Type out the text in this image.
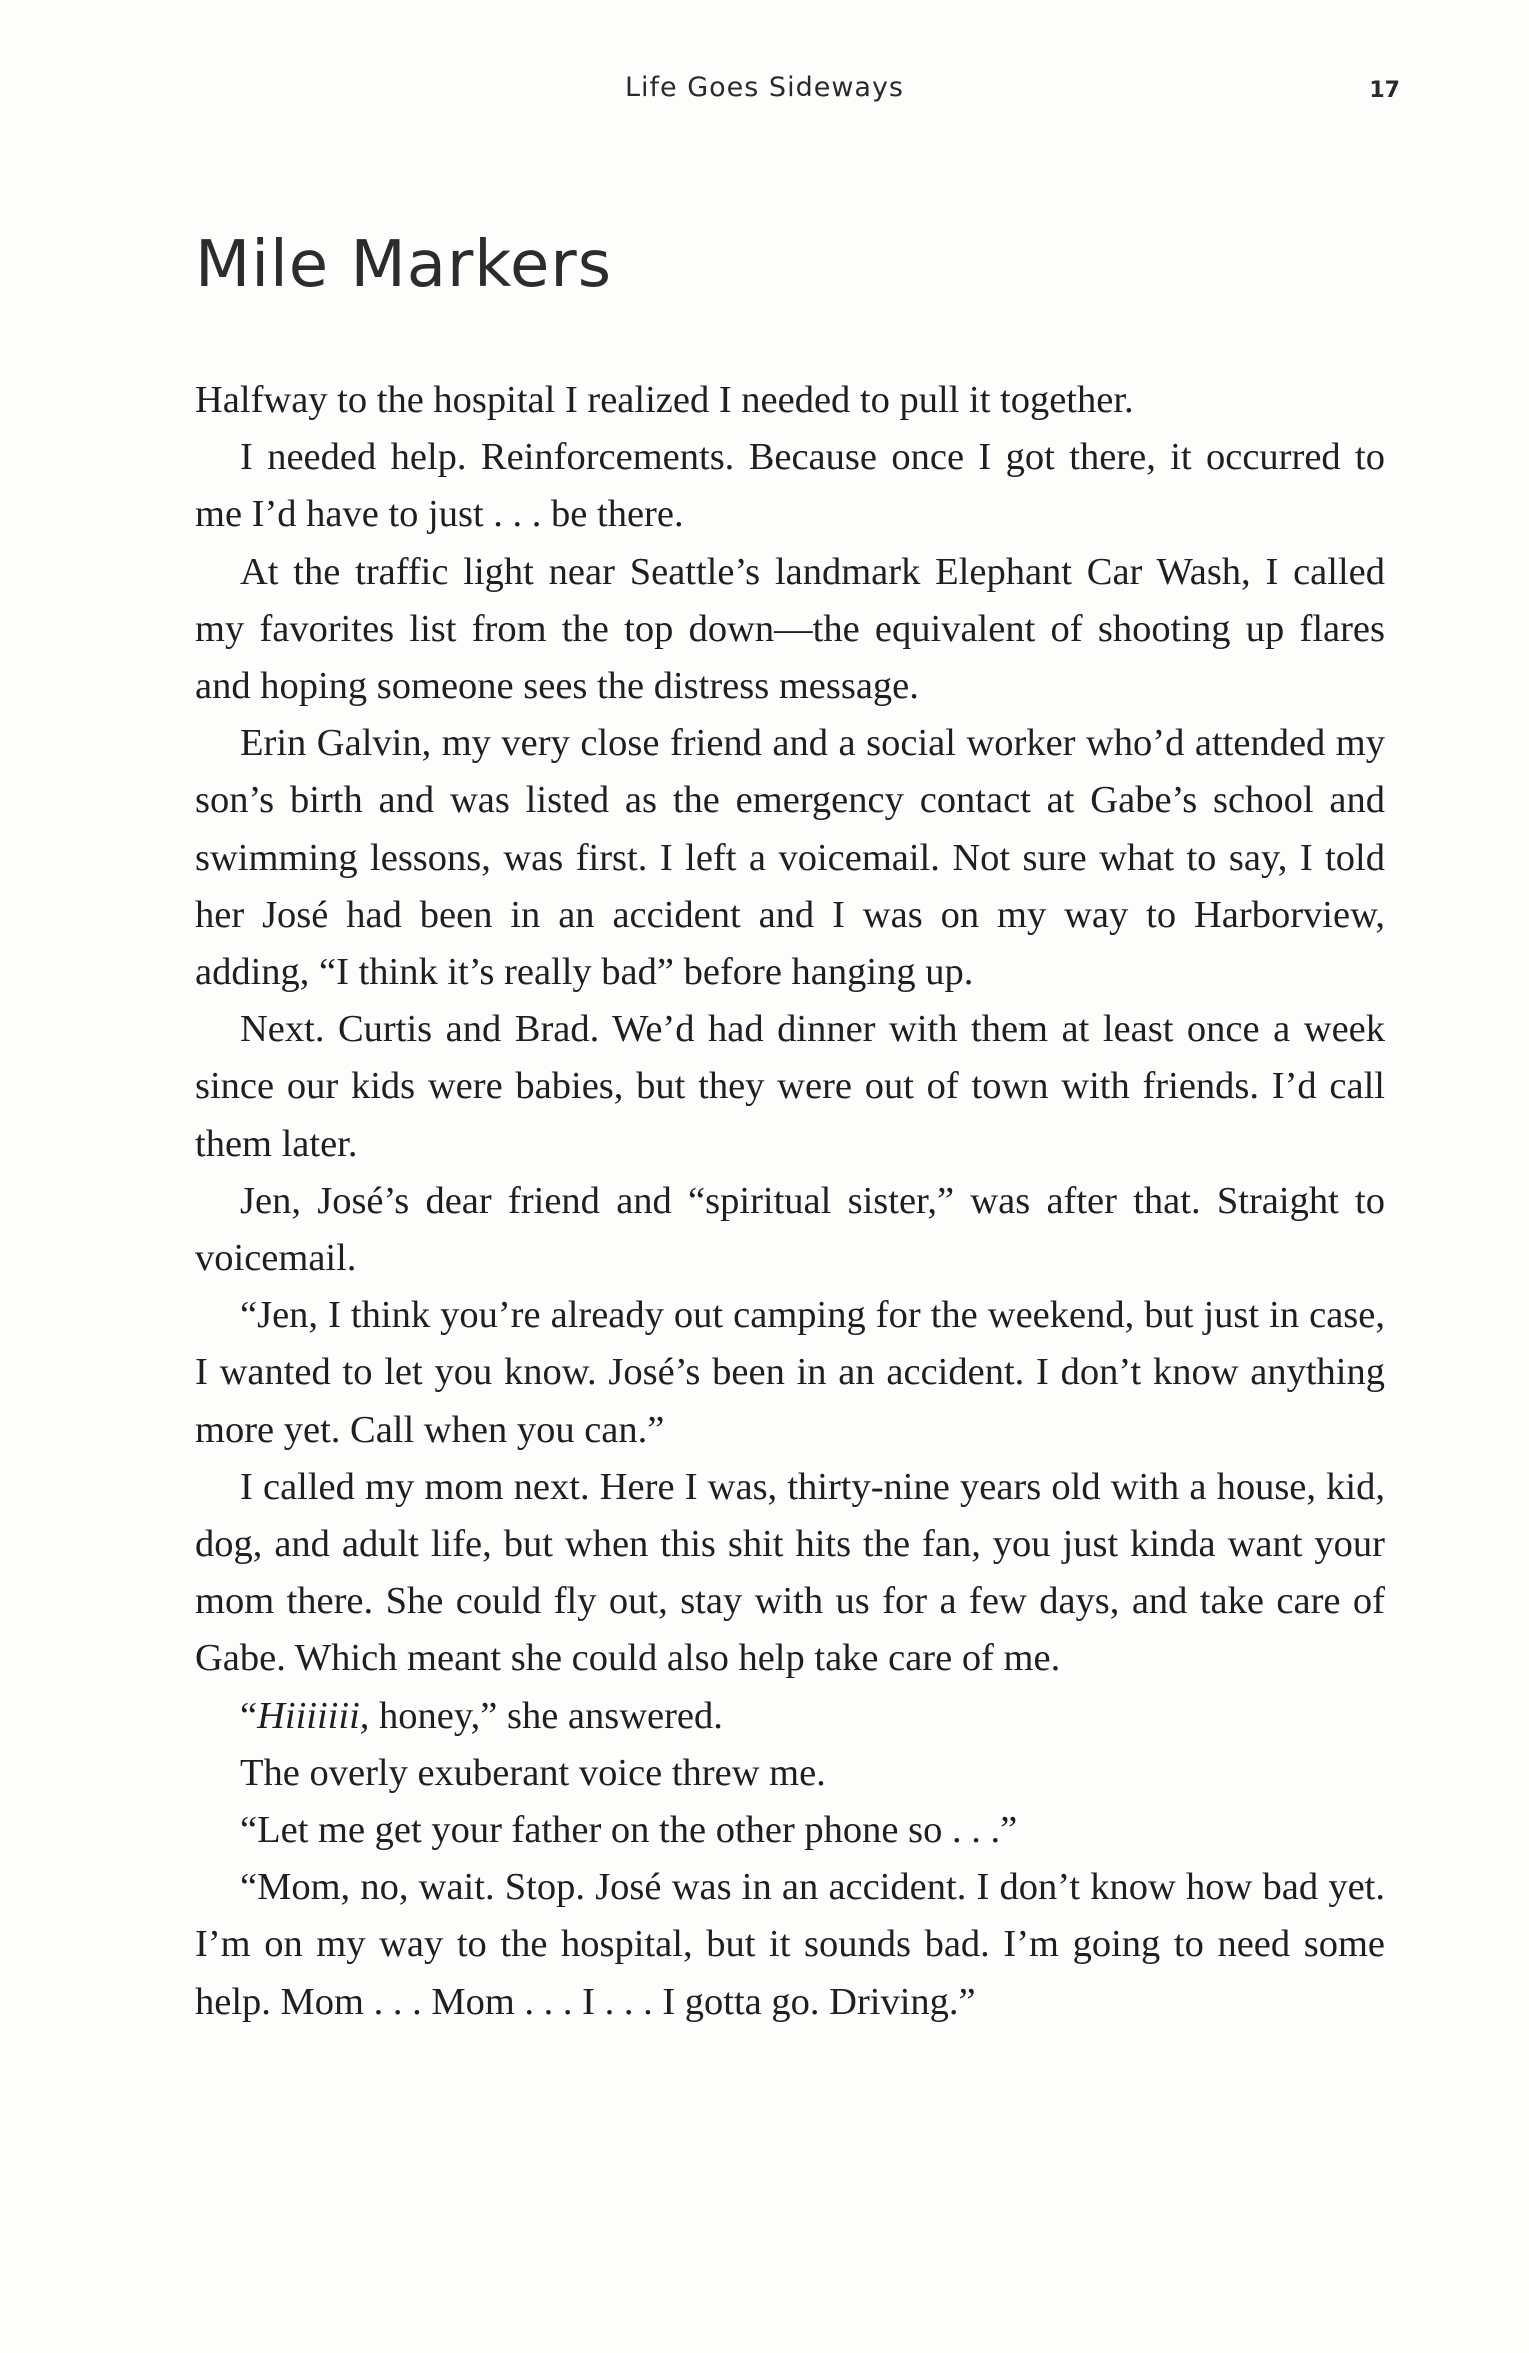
Life Goes Sideways	17
Mile Markers

Halfway to the hospital I realized I needed to pull it together.

I needed help. Reinforcements. Because once I got there, it occurred to me I’d have to just . . . be there.

At the traffic light near Seattle’s landmark Elephant Car Wash, I called my favorites list from the top down—the equivalent of shooting up flares and hoping someone sees the distress message.

Erin Galvin, my very close friend and a social worker who’d attended my son’s birth and was listed as the emergency contact at Gabe’s school and swimming lessons, was first. I left a voicemail. Not sure what to say, I told her José had been in an accident and I was on my way to Harborview, adding, “I think it’s really bad” before hanging up.

Next. Curtis and Brad. We’d had dinner with them at least once a week since our kids were babies, but they were out of town with friends. I’d call them later.

Jen, José’s dear friend and “spiritual sister,” was after that. Straight to voicemail.

“Jen, I think you’re already out camping for the weekend, but just in case, I wanted to let you know. José’s been in an accident. I don’t know anything more yet. Call when you can.”

I called my mom next. Here I was, thirty-nine years old with a house, kid, dog, and adult life, but when this shit hits the fan, you just kinda want your mom there. She could fly out, stay with us for a few days, and take care of Gabe. Which meant she could also help take care of me.

“Hiiiiiii, honey,” she answered.

The overly exuberant voice threw me.

“Let me get your father on the other phone so . . .”

“Mom, no, wait. Stop. José was in an accident. I don’t know how bad yet. I’m on my way to the hospital, but it sounds bad. I’m going to need some help. Mom . . . Mom . . . I . . . I gotta go. Driving.”
